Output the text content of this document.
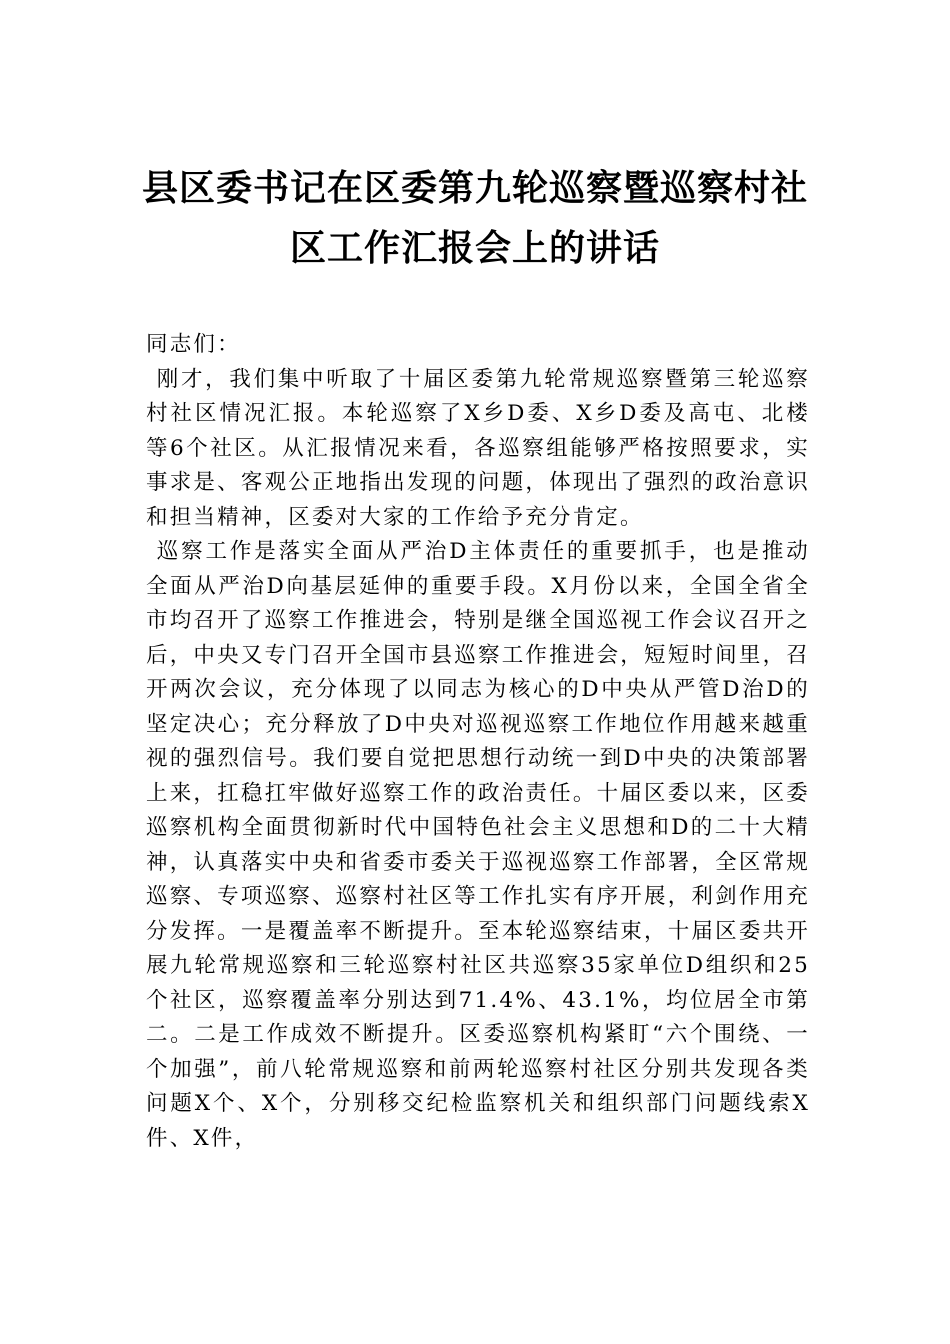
县区委书记在区委第九轮巡察暨巡察村社
区工作汇报会上的讲话

同志们：

刚才，我们集中听取了十届区委第九轮常规巡察暨第三轮巡察村社区情况汇报。本轮巡察了X乡D委、X乡D委及高屯、北楼等6个社区。从汇报情况来看，各巡察组能够严格按照要求，实事求是、客观公正地指出发现的问题，体现出了强烈的政治意识和担当精神，区委对大家的工作给予充分肯定。

巡察工作是落实全面从严治D主体责任的重要抓手，也是推动全面从严治D向基层延伸的重要手段。X月份以来，全国全省全市均召开了巡察工作推进会，特别是继全国巡视工作会议召开之后，中央又专门召开全国市县巡察工作推进会，短短时间里，召开两次会议，充分体现了以同志为核心的D中央从严管D治D的坚定决心；充分释放了D中央对巡视巡察工作地位作用越来越重视的强烈信号。我们要自觉把思想行动统一到D中央的决策部署上来，扛稳扛牢做好巡察工作的政治责任。十届区委以来，区委巡察机构全面贯彻新时代中国特色社会主义思想和D的二十大精神，认真落实中央和省委市委关于巡视巡察工作部署，全区常规巡察、专项巡察、巡察村社区等工作扎实有序开展，利剑作用充分发挥。一是覆盖率不断提升。至本轮巡察结束，十届区委共开展九轮常规巡察和三轮巡察村社区共巡察35家单位D组织和25个社区，巡察覆盖率分别达到71.4%、43.1%，均位居全市第二。二是工作成效不断提升。区委巡察机构紧盯“六个围绕、一个加强”，前八轮常规巡察和前两轮巡察村社区分别共发现各类问题X个、X个，分别移交纪检监察机关和组织部门问题线索X件、X件，
